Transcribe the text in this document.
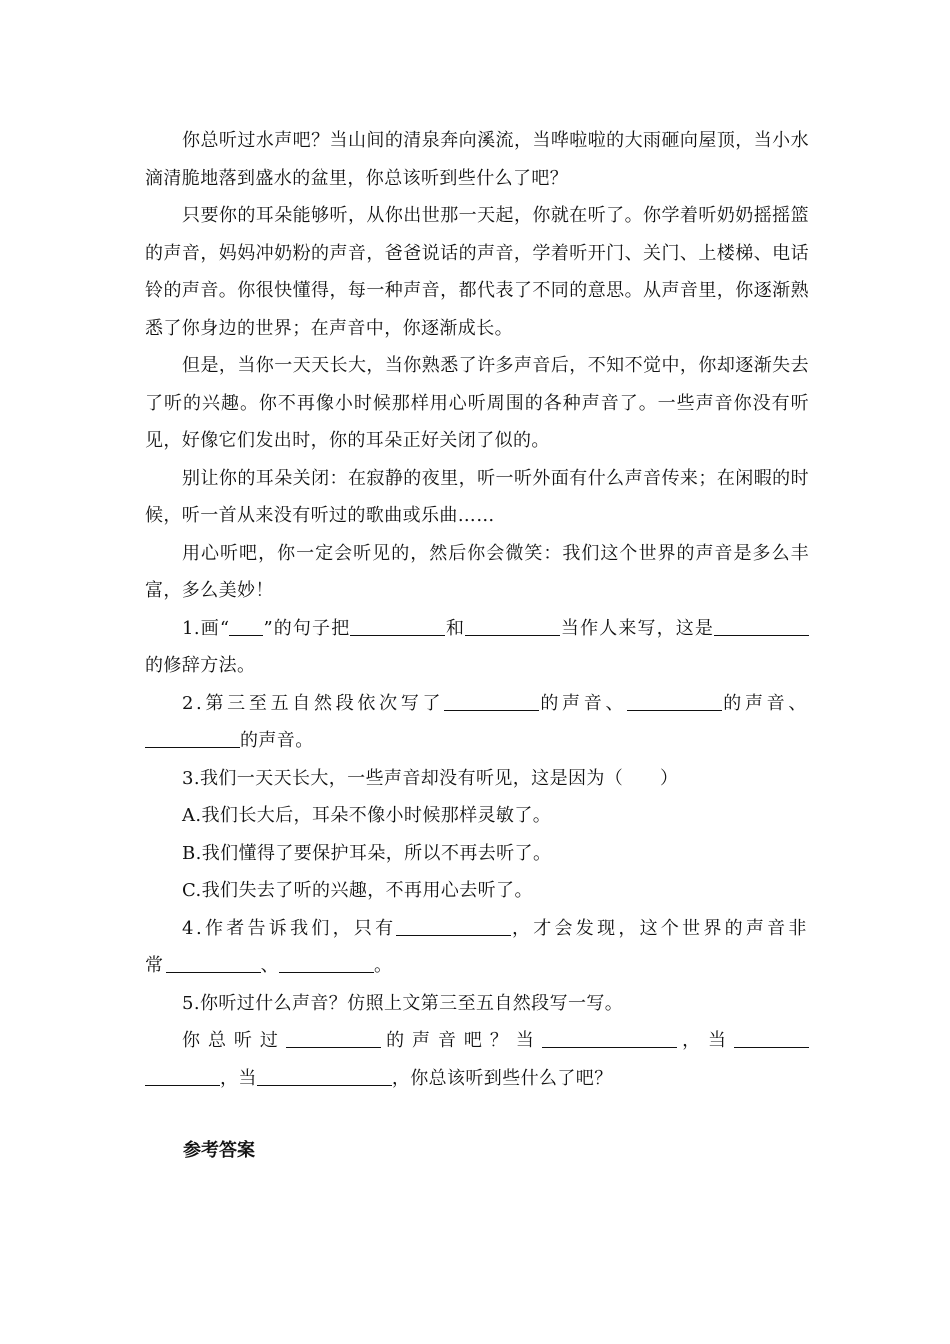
你总听过水声吧？当山间的清泉奔向溪流，当哗啦啦的大雨砸向屋顶，当小水滴清脆地落到盛水的盆里，你总该听到些什么了吧？

只要你的耳朵能够听，从你出世那一天起，你就在听了。你学着听奶奶摇摇篮的声音，妈妈冲奶粉的声音，爸爸说话的声音，学着听开门、关门、上楼梯、电话铃的声音。你很快懂得，每一种声音，都代表了不同的意思。从声音里，你逐渐熟悉了你身边的世界；在声音中，你逐渐成长。

但是，当你一天天长大，当你熟悉了许多声音后，不知不觉中，你却逐渐失去了听的兴趣。你不再像小时候那样用心听周围的各种声音了。一些声音你没有听见，好像它们发出时，你的耳朵正好关闭了似的。

别让你的耳朵关闭：在寂静的夜里，听一听外面有什么声音传来；在闲暇的时候，听一首从来没有听过的歌曲或乐曲……

用心听吧，你一定会听见的，然后你会微笑：我们这个世界的声音是多么丰富，多么美妙！

1.画“ ”的句子把	和	当作人来写，这是的修辞方法。

2.第三至五自然段依次写了	的声音、	的声音、的声音。

3.我们一天天长大，一些声音却没有听见，这是因为（　　）

A.我们长大后，耳朵不像小时候那样灵敏了。

B.我们懂得了要保护耳朵，所以不再去听了。

C.我们失去了听的兴趣，不再用心去听了。

4.作者告诉我们，只有	，才会发现，这个世界的声音非常	、	。

5.你听过什么声音？仿照上文第三至五自然段写一写。

你总听过	的声音吧？当	，当，当	，你总该听到些什么了吧？

参考答案
